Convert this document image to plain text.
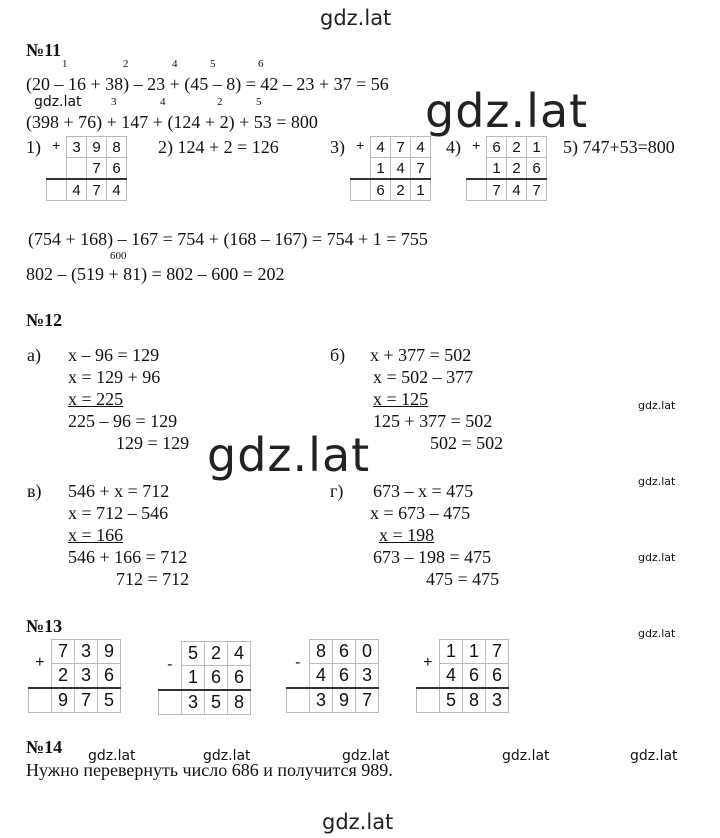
gdz.lat
gdz.lat
gdz.lat
gdz.lat
gdz.lat
gdz.lat
gdz.lat
gdz.lat
gdz.lat	gdz.lat	gdz.lat	gdz.lat	gdz.lat
gdz.lat
№11
1	2	4	5	6
(20 – 16 + 38) – 23 + (45 – 8) = 42 – 23 + 37 = 56
3	4	2	5
(398 + 76) + 147 + (124 + 2) + 53 = 800
1)	2) 124 + 2 = 126	3)	4)	5) 747+53=800
+	3	9	8
		7	6
	4	7	4
+	4	7	4
	1	4	7
	6	2	1
+	6	2	1
	1	2	6
	7	4	7
(754 + 168) – 167 = 754 + (168 – 167) = 754 + 1 = 755
600
802 – (519 + 81) = 802 – 600 = 202
№12
а) x – 96 = 129
x = 129 + 96
x = 225
225 – 96 = 129
129 = 129
б) x + 377 = 502
x = 502 – 377
x = 125
125 + 377 = 502
502 = 502
в) 546 + x = 712
x = 712 – 546
x = 166
546 + 166 = 712
712 = 712
г) 673 – x = 475
x = 673 – 475
x = 198
673 – 198 = 475
475 = 475
№13
+	7	3	9
	2	3	6
	9	7	5
-	5	2	4
	1	6	6
	3	5	8
-	8	6	0
	4	6	3
	3	9	7
+	1	1	7
	4	6	6
	5	8	3
№14
Нужно перевернуть число 686 и получится 989.
